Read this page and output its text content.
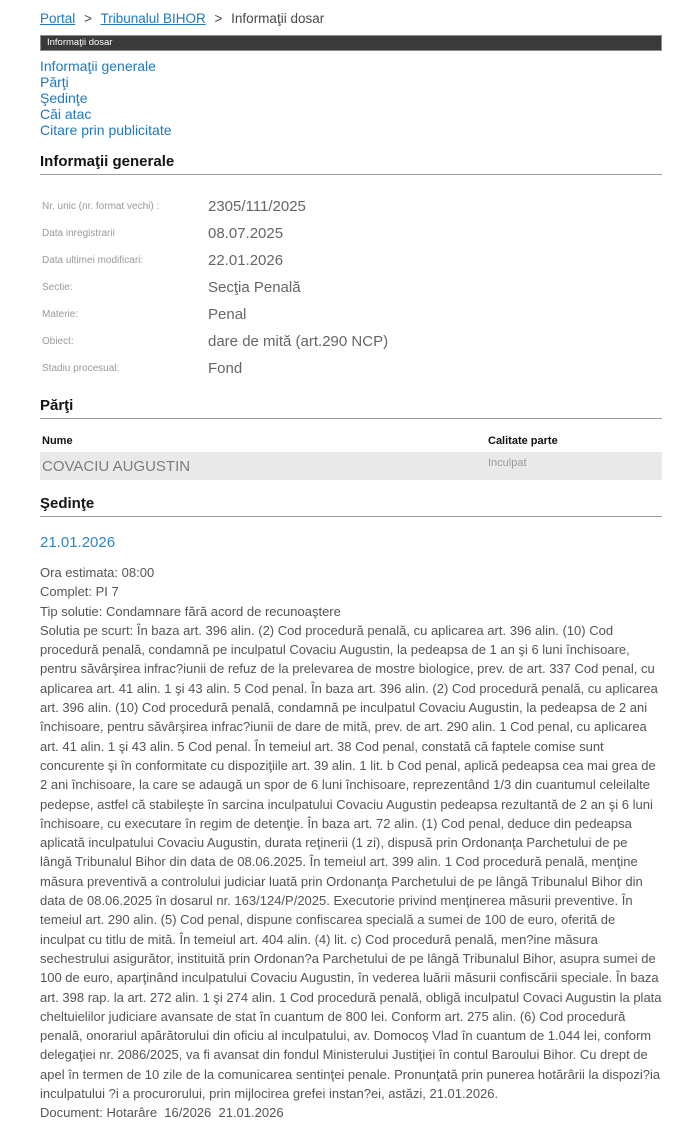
Portal > Tribunalul BIHOR > Informaţii dosar
Informaţii dosar
Informaţii generale
Părţi
Şedinţe
Căi atac
Citare prin publicitate
Informaţii generale
Nr. unic (nr. format vechi) :	2305/111/2025
Data inregistrarii	08.07.2025
Data ultimei modificari:	22.01.2026
Sectie:	Secţia Penală
Materie:	Penal
Obiect:	dare de mită (art.290 NCP)
Stadiu procesual:	Fond
Părţi
Nume	Calitate parte
COVACIU AUGUSTIN	Inculpat
Şedinţe
21.01.2026
Ora estimata: 08:00
Complet: PI 7
Tip solutie: Condamnare fără acord de recunoaştere
Solutia pe scurt: În baza art. 396 alin. (2) Cod procedură penală, cu aplicarea art. 396 alin. (10) Cod procedură penală, condamnă pe inculpatul Covaciu Augustin, la pedeapsa de 1 an şi 6 luni închisoare, pentru săvârşirea infrac?iunii de refuz de la prelevarea de mostre biologice, prev. de art. 337 Cod penal, cu aplicarea art. 41 alin. 1 şi 43 alin. 5 Cod penal. În baza art. 396 alin. (2) Cod procedură penală, cu aplicarea art. 396 alin. (10) Cod procedură penală, condamnă pe inculpatul Covaciu Augustin, la pedeapsa de 2 ani închisoare, pentru săvârşirea infrac?iunii de dare de mită, prev. de art. 290 alin. 1 Cod penal, cu aplicarea art. 41 alin. 1 şi 43 alin. 5 Cod penal. În temeiul art. 38 Cod penal, constată că faptele comise sunt concurente şi în conformitate cu dispoziţiile art. 39 alin. 1 lit. b Cod penal, aplică pedeapsa cea mai grea de 2 ani închisoare, la care se adaugă un spor de 6 luni închisoare, reprezentând 1/3 din cuantumul celeilalte pedepse, astfel că stabileşte în sarcina inculpatului Covaciu Augustin pedeapsa rezultantă de 2 an şi 6 luni închisoare, cu executare în regim de detenţie. În baza art. 72 alin. (1) Cod penal, deduce din pedeapsa aplicată inculpatului Covaciu Augustin, durata reţinerii (1 zi), dispusă prin Ordonanţa Parchetului de pe lângă Tribunalul Bihor din data de 08.06.2025. În temeiul art. 399 alin. 1 Cod procedură penală, menţine măsura preventivă a controlului judiciar luată prin Ordonanţa Parchetului de pe lângă Tribunalul Bihor din data de 08.06.2025 în dosarul nr. 163/124/P/2025. Executorie privind menţinerea măsurii preventive. În temeiul art. 290 alin. (5) Cod penal, dispune confiscarea specială a sumei de 100 de euro, oferită de inculpat cu titlu de mită. În temeiul art. 404 alin. (4) lit. c) Cod procedură penală, men?ine măsura sechestrului asigurător, instituită prin Ordonan?a Parchetului de pe lângă Tribunalul Bihor, asupra sumei de 100 de euro, aparţinând inculpatului Covaciu Augustin, în vederea luării măsurii confiscării speciale. În baza art. 398 rap. la art. 272 alin. 1 şi 274 alin. 1 Cod procedură penală, obligă inculpatul Covaci Augustin la plata cheltuielilor judiciare avansate de stat în cuantum de 800 lei. Conform art. 275 alin. (6) Cod procedură penală, onorariul apărătorului din oficiu al inculpatului, av. Domocoş Vlad în cuantum de 1.044 lei, conform delegaţiei nr. 2086/2025, va fi avansat din fondul Ministerului Justiţiei în contul Baroului Bihor. Cu drept de apel în termen de 10 zile de la comunicarea sentinţei penale. Pronunţată prin punerea hotărârii la dispozi?ia inculpatului ?i a procurorului, prin mijlocirea grefei instan?ei, astăzi, 21.01.2026.
Document: Hotarâre  16/2026  21.01.2026
